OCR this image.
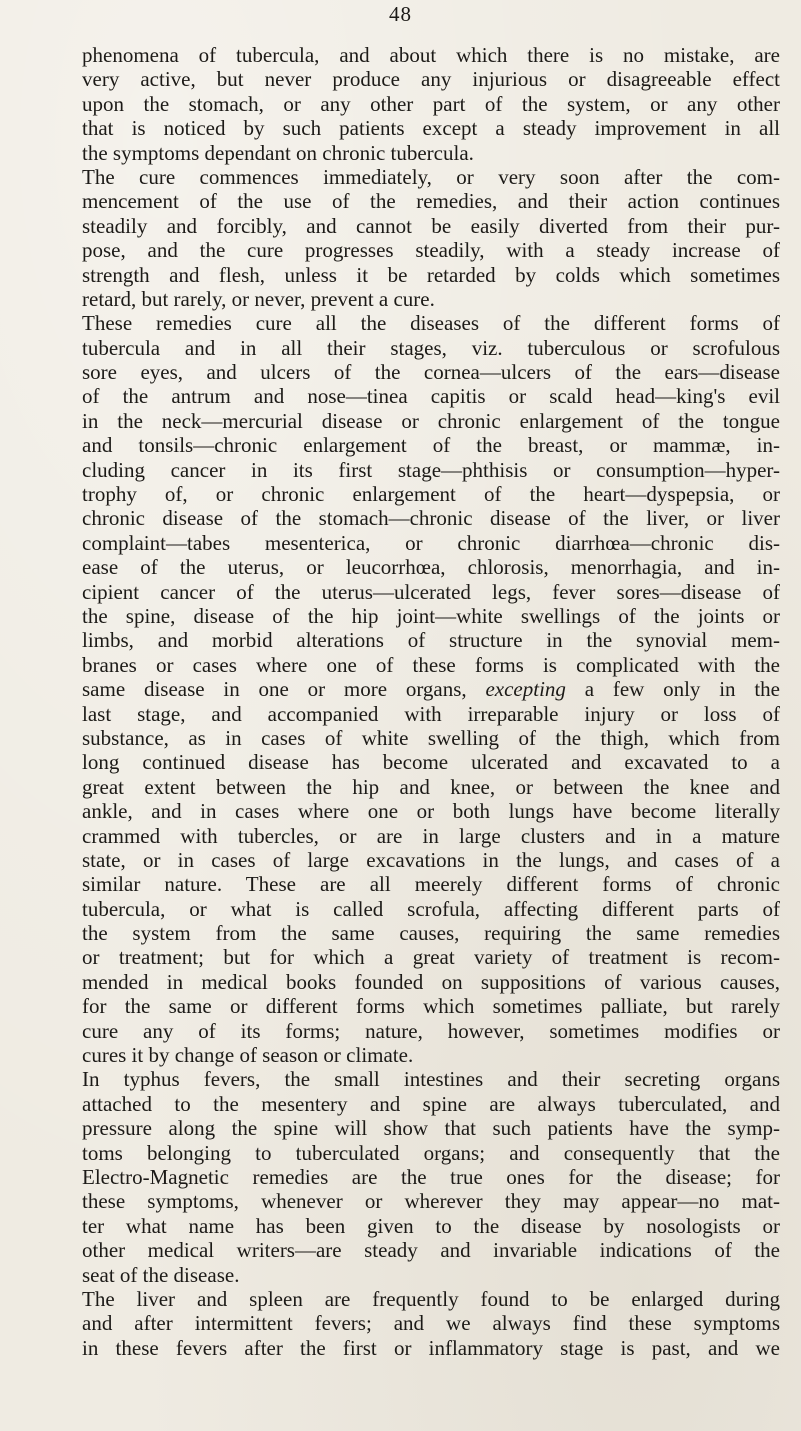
48
phenomena of tubercula, and about which there is no mistake, are
very active, but never produce any injurious or disagreeable effect
upon the stomach, or any other part of the system, or any other
that is noticed by such patients except a steady improvement in all
the symptoms dependant on chronic tubercula.
The cure commences immediately, or very soon after the com-
mencement of the use of the remedies, and their action continues
steadily and forcibly, and cannot be easily diverted from their pur-
pose, and the cure progresses steadily, with a steady increase of
strength and flesh, unless it be retarded by colds which sometimes
retard, but rarely, or never, prevent a cure.
These remedies cure all the diseases of the different forms of
tubercula and in all their stages, viz. tuberculous or scrofulous
sore eyes, and ulcers of the cornea—ulcers of the ears—disease
of the antrum and nose—tinea capitis or scald head—king's evil
in the neck—mercurial disease or chronic enlargement of the tongue
and tonsils—chronic enlargement of the breast, or mammæ, in-
cluding cancer in its first stage—phthisis or consumption—hyper-
trophy of, or chronic enlargement of the heart—dyspepsia, or
chronic disease of the stomach—chronic disease of the liver, or liver
complaint—tabes mesenterica, or chronic diarrhœa—chronic dis-
ease of the uterus, or leucorrhœa, chlorosis, menorrhagia, and in-
cipient cancer of the uterus—ulcerated legs, fever sores—disease of
the spine, disease of the hip joint—white swellings of the joints or
limbs, and morbid alterations of structure in the synovial mem-
branes or cases where one of these forms is complicated with the
same disease in one or more organs, excepting a few only in the
last stage, and accompanied with irreparable injury or loss of
substance, as in cases of white swelling of the thigh, which from
long continued disease has become ulcerated and excavated to a
great extent between the hip and knee, or between the knee and
ankle, and in cases where one or both lungs have become literally
crammed with tubercles, or are in large clusters and in a mature
state, or in cases of large excavations in the lungs, and cases of a
similar nature. These are all meerely different forms of chronic
tubercula, or what is called scrofula, affecting different parts of
the system from the same causes, requiring the same remedies
or treatment; but for which a great variety of treatment is recom-
mended in medical books founded on suppositions of various causes,
for the same or different forms which sometimes palliate, but rarely
cure any of its forms; nature, however, sometimes modifies or
cures it by change of season or climate.
In typhus fevers, the small intestines and their secreting organs
attached to the mesentery and spine are always tuberculated, and
pressure along the spine will show that such patients have the symp-
toms belonging to tuberculated organs; and consequently that the
Electro-Magnetic remedies are the true ones for the disease; for
these symptoms, whenever or wherever they may appear—no mat-
ter what name has been given to the disease by nosologists or
other medical writers—are steady and invariable indications of the
seat of the disease.
The liver and spleen are frequently found to be enlarged during
and after intermittent fevers; and we always find these symptoms
in these fevers after the first or inflammatory stage is past, and we
